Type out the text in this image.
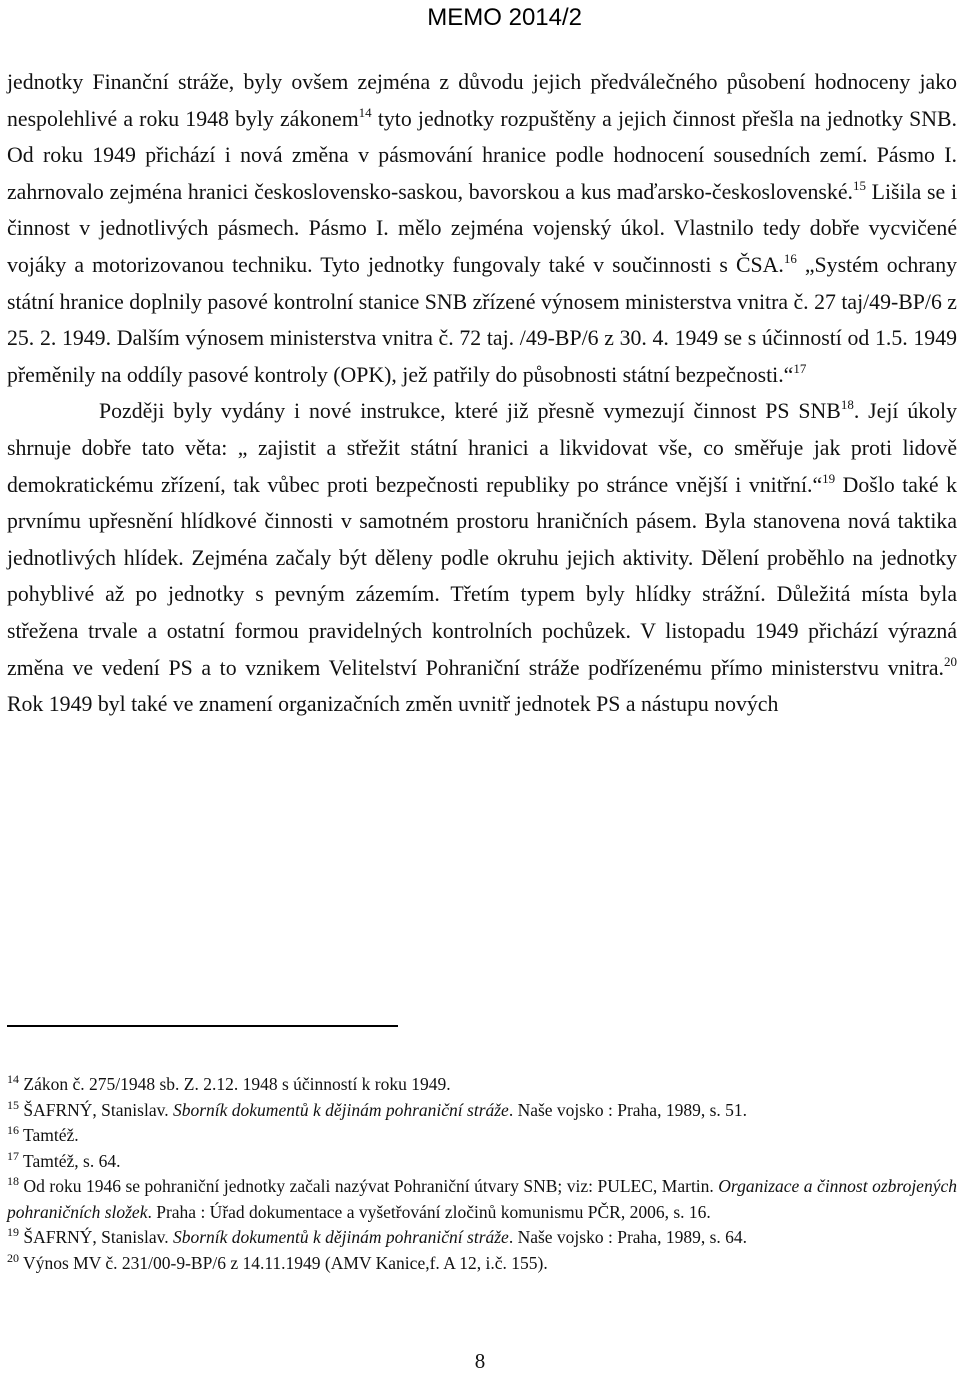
MEMO 2014/2

jednotky Finanční stráže, byly ovšem zejména z důvodu jejich předválečného působení hodnoceny jako nespolehlivé a roku 1948 byly zákonem$^{14}$ tyto jednotky rozpuštěny a jejich činnost přešla na jednotky SNB. Od roku 1949 přichází i nová změna v pásmování hranice podle hodnocení sousedních zemí. Pásmo I. zahrnovalo zejména hranici československo-saskou, bavorskou a kus maďarsko-československé.$^{15}$ Lišila se i činnost v jednotlivých pásmech. Pásmo I. mělo zejména vojenský úkol. Vlastnilo tedy dobře vycvičené vojáky a motorizovanou techniku. Tyto jednotky fungovaly také v součinnosti s ČSA.$^{16}$ „Systém ochrany státní hranice doplnily pasové kontrolní stanice SNB zřízené výnosem ministerstva vnitra č. 27 taj/49-BP/6 z 25. 2. 1949. Dalším výnosem ministerstva vnitra č. 72 taj. /49-BP/6 z 30. 4. 1949 se s účinností od 1.5. 1949 přeměnily na oddíly pasové kontroly (OPK), jež patřily do působnosti státní bezpečnosti.“$^{17}$

Později byly vydány i nové instrukce, které již přesně vymezují činnost PS SNB$^{18}$. Její úkoly shrnuje dobře tato věta: „ zajistit a střežit státní hranici a likvidovat vše, co směřuje jak proti lidově demokratickému zřízení, tak vůbec proti bezpečnosti republiky po stránce vnější i vnitřní.“$^{19}$ Došlo také k prvnímu upřesnění hlídkové činnosti v samotném prostoru hraničních pásem. Byla stanovena nová taktika jednotlivých hlídek. Zejména začaly být děleny podle okruhu jejich aktivity. Dělení proběhlo na jednotky pohyblivé až po jednotky s pevným zázemím. Třetím typem byly hlídky strážní. Důležitá místa byla střežena trvale a ostatní formou pravidelných kontrolních pochůzek. V listopadu 1949 přichází výrazná změna ve vedení PS a to vznikem Velitelství Pohraniční stráže podřízenému přímo ministerstvu vnitra.$^{20}$ Rok 1949 byl také ve znamení organizačních změn uvnitř jednotek PS a nástupu nových

$^{14}$ Zákon č. 275/1948 sb. Z. 2.12. 1948 s účinností k roku 1949.
$^{15}$ ŠAFRNÝ, Stanislav. Sborník dokumentů k dějinám pohraniční stráže. Naše vojsko : Praha, 1989, s. 51.
$^{16}$ Tamtéž.
$^{17}$ Tamtéž, s. 64.
$^{18}$ Od roku 1946 se pohraniční jednotky začali nazývat Pohraniční útvary SNB; viz: PULEC, Martin. Organizace a činnost ozbrojených pohraničních složek. Praha : Úřad dokumentace a vyšetřování zločinů komunismu PČR, 2006, s. 16.
$^{19}$ ŠAFRNÝ, Stanislav. Sborník dokumentů k dějinám pohraniční stráže. Naše vojsko : Praha, 1989, s. 64.
$^{20}$ Výnos MV č. 231/00-9-BP/6 z 14.11.1949 (AMV Kanice,f. A 12, i.č. 155).
8
